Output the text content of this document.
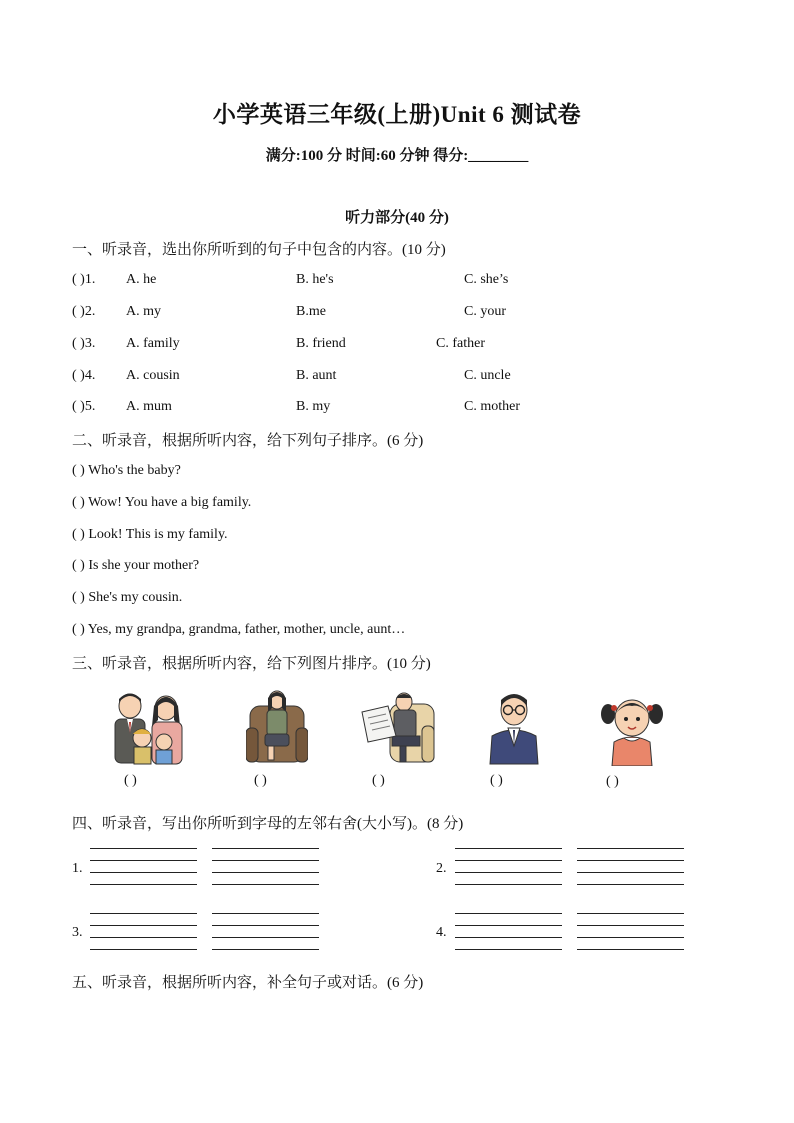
小学英语三年级(上册)Unit 6 测试卷
满分:100 分 时间:60 分钟 得分:________
听力部分(40 分)
一、听录音，选出你所听到的句子中包含的内容。(10 分)
( )1. A. he	B. he's	C. she’s
( )2. A. my	B.me	C. your
( )3. A. family	B. friend	C. father
( )4. A. cousin	B. aunt	C. uncle
( )5. A. mum	B. my	C. mother
二、听录音，根据所听内容，给下列句子排序。(6 分)
( ) Who's the baby?
( ) Wow! You have a big family.
( ) Look! This is my family.
( ) Is she your mother?
( ) She's my cousin.
( ) Yes, my grandpa, grandma, father, mother, uncle, aunt…
三、听录音，根据所听内容，给下列图片排序。(10 分)
( )	( )	( )	( )	( )
四、听录音，写出你所听到字母的左邻右舍(大小写)。(8 分)
1.	2.
3.	4.
五、听录音，根据所听内容，补全句子或对话。(6 分)
